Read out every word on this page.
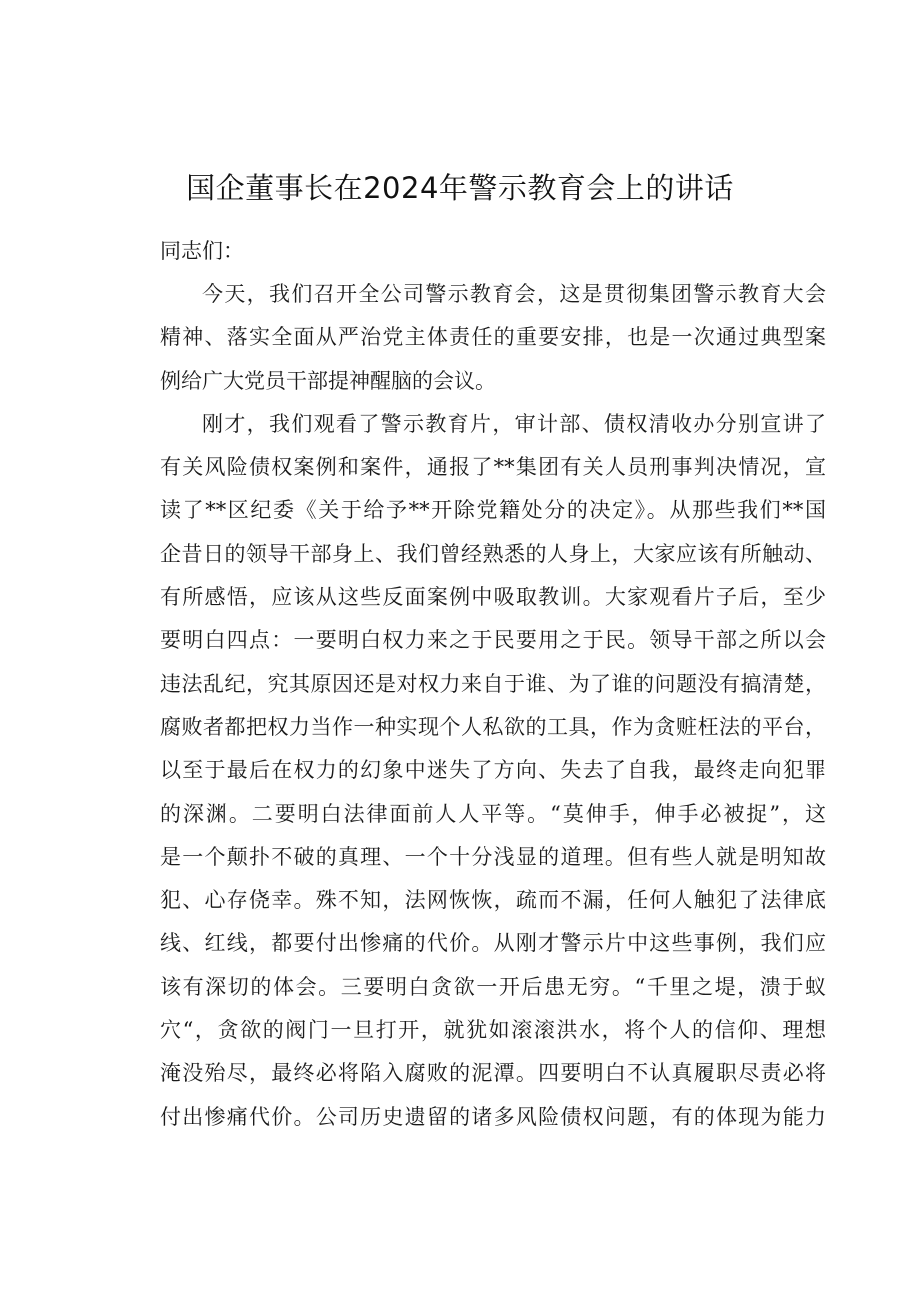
国企董事长在2024年警示教育会上的讲话

同志们：

今天，我们召开全公司警示教育会，这是贯彻集团警示教育大会
精神、落实全面从严治党主体责任的重要安排，也是一次通过典型案
例给广大党员干部提神醒脑的会议。
刚才，我们观看了警示教育片，审计部、债权清收办分别宣讲了
有关风险债权案例和案件，通报了**集团有关人员刑事判决情况，宣
读了**区纪委《关于给予**开除党籍处分的决定》。从那些我们**国
企昔日的领导干部身上、我们曾经熟悉的人身上，大家应该有所触动、
有所感悟，应该从这些反面案例中吸取教训。大家观看片子后，至少
要明白四点：一要明白权力来之于民要用之于民。领导干部之所以会
违法乱纪，究其原因还是对权力来自于谁、为了谁的问题没有搞清楚，
腐败者都把权力当作一种实现个人私欲的工具，作为贪赃枉法的平台，
以至于最后在权力的幻象中迷失了方向、失去了自我，最终走向犯罪
的深渊。二要明白法律面前人人平等。“莫伸手，伸手必被捉”，这
是一个颠扑不破的真理、一个十分浅显的道理。但有些人就是明知故
犯、心存侥幸。殊不知，法网恢恢，疏而不漏，任何人触犯了法律底
线、红线，都要付出惨痛的代价。从刚才警示片中这些事例，我们应
该有深切的体会。三要明白贪欲一开后患无穷。“千里之堤，溃于蚁
穴“，贪欲的阀门一旦打开，就犹如滚滚洪水，将个人的信仰、理想
淹没殆尽，最终必将陷入腐败的泥潭。四要明白不认真履职尽责必将
付出惨痛代价。公司历史遗留的诸多风险债权问题，有的体现为能力
